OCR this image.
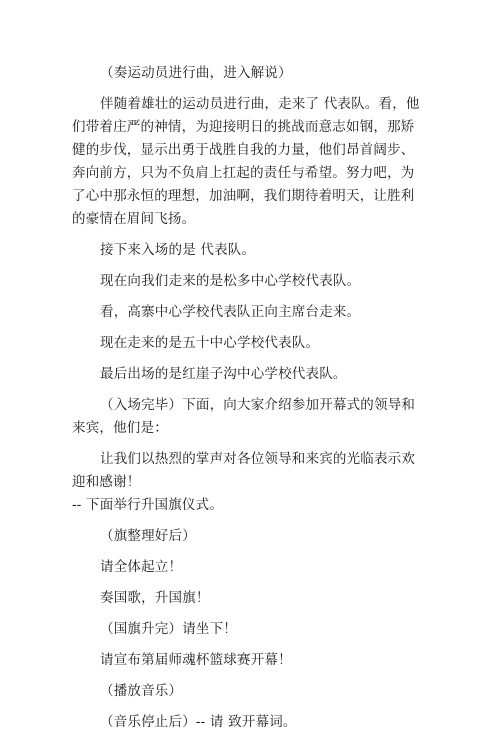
（奏运动员进行曲，进入解说）

伴随着雄壮的运动员进行曲，走来了 代表队。看，他们带着庄严的神情，为迎接明日的挑战而意志如钢，那矫健的步伐，显示出勇于战胜自我的力量，他们昂首阔步、奔向前方，只为不负肩上扛起的责任与希望。努力吧，为了心中那永恒的理想，加油啊，我们期待着明天，让胜利的豪情在眉间飞扬。

接下来入场的是 代表队。

现在向我们走来的是松多中心学校代表队。

看，高寨中心学校代表队正向主席台走来。

现在走来的是五十中心学校代表队。

最后出场的是红崖子沟中心学校代表队。

（入场完毕）下面，向大家介绍参加开幕式的领导和来宾，他们是：

让我们以热烈的掌声对各位领导和来宾的光临表示欢迎和感谢！

-- 下面举行升国旗仪式。

（旗整理好后）

请全体起立！

奏国歌，升国旗！

（国旗升完）请坐下！

请宣布第届师魂杯篮球赛开幕！

（播放音乐）

（音乐停止后）-- 请 致开幕词。
